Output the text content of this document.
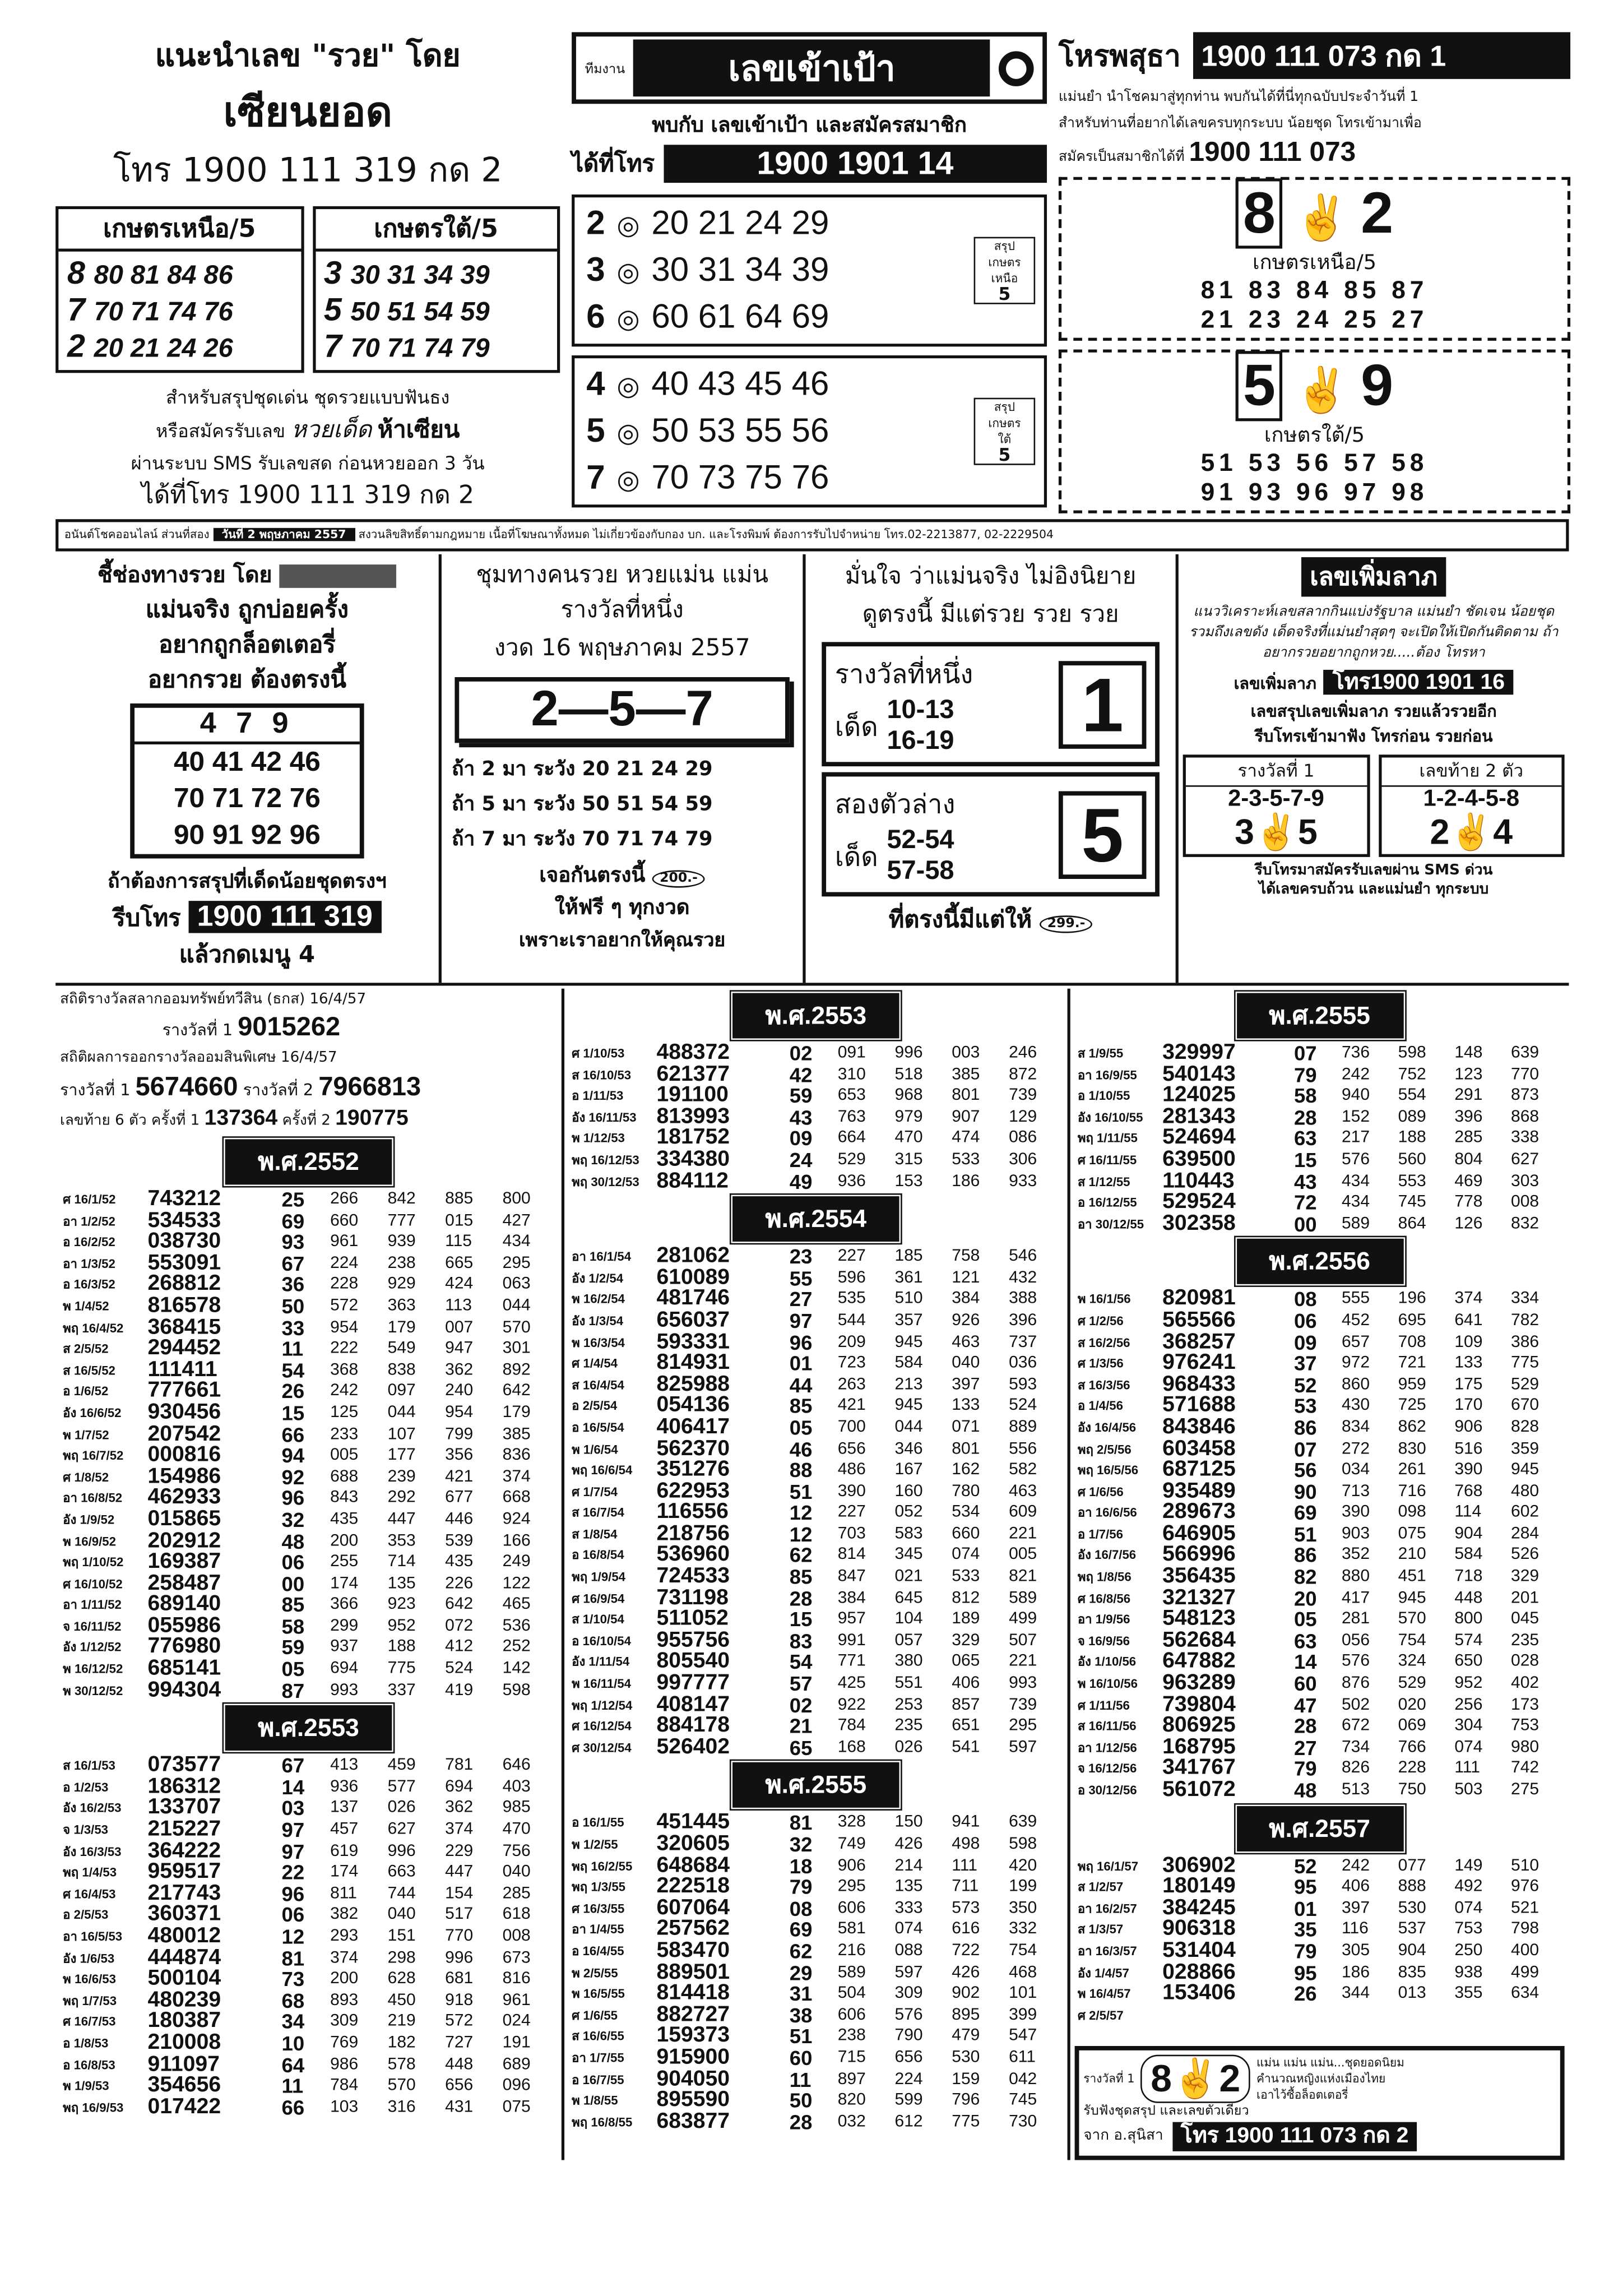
แนะนำเลข "รวย" โดย
เซียนยอด
โทร 1900 111 319 กด 2
เกษตรเหนือ/5
8 80 81 84 86
7 70 71 74 76
2 20 21 24 26
เกษตรใต้/5
3 30 31 34 39
5 50 51 54 59
7 70 71 74 79
สำหรับสรุปชุดเด่น ชุดรวยแบบฟันธง
หรือสมัครรับเลข หวยเด็ด ห้าเซียน
ผ่านระบบ SMS รับเลขสด ก่อนหวยออก 3 วัน
ได้ที่โทร 1900 111 319 กด 2
ทีมงาน	เลขเข้าเป้า
พบกับ เลขเข้าเป้า และสมัครสมาชิก
ได้ที่โทร	1900 1901 14
2 ◎ 20 21 24 29
3 ◎ 30 31 34 39
6 ◎ 60 61 64 69
สรุป
เกษตร
เหนือ
5
4 ◎ 40 43 45 46
5 ◎ 50 53 55 56
7 ◎ 70 73 75 76
สรุป
เกษตร
ใต้
5
โหรพสุธา	1900 111 073 กด 1
แม่นยำ นำโชคมาสู่ทุกท่าน พบกันได้ที่นี่ทุกฉบับประจำวันที่ 1
สำหรับท่านที่อยากได้เลขครบทุกระบบ น้อยชุด โทรเข้ามาเพื่อ
สมัครเป็นสมาชิกได้ที่ 1900 111 073
8 ✌ 2
เกษตรเหนือ/5
81 83 84 85 87
21 23 24 25 27
5 ✌ 9
เกษตรใต้/5
51 53 56 57 58
91 93 96 97 98
อนันต์โชคออนไลน์ ส่วนที่สอง	วันที่ 2 พฤษภาคม 2557	สงวนลิขสิทธิ์ตามกฎหมาย เนื้อที่โฆษณาทั้งหมด ไม่เกี่ยวข้องกับกอง บก. และโรงพิมพ์ ต้องการรับไปจำหน่าย โทร.02-2213877, 02-2229504
ชี้ช่องทางรวย โดย
แม่นจริง ถูกบ่อยครั้ง
อยากถูกล็อตเตอรี่
อยากรวย ต้องตรงนี้
4 7 9
40 41 42 46
70 71 72 76
90 91 92 96
ถ้าต้องการสรุปที่เด็ดน้อยชุดตรงฯ
รีบโทร 1900 111 319
แล้วกดเมนู 4
ชุมทางคนรวย หวยแม่น แม่น
รางวัลที่หนึ่ง
งวด 16 พฤษภาคม 2557
2—5—7
ถ้า 2 มา ระวัง 20 21 24 29
ถ้า 5 มา ระวัง 50 51 54 59
ถ้า 7 มา ระวัง 70 71 74 79
เจอกันตรงนี้	200.-
ให้ฟรี ๆ ทุกงวด
เพราะเราอยากให้คุณรวย
มั่นใจ ว่าแม่นจริง ไม่อิงนิยาย
ดูตรงนี้ มีแต่รวย รวย รวย
รางวัลที่หนึ่ง
เด็ด
10-13
16-19	1
สองตัวล่าง
เด็ด
52-54
57-58	5
ที่ตรงนี้มีแต่ให้	299.-
เลขเพิ่มลาภ
แนววิเคราะห์เลขสลากกินแบ่งรัฐบาล แม่นยำ ชัดเจน น้อยชุด รวมถึงเลขดัง เด็ดจริงที่แม่นยำสุดๆ จะเปิดให้เปิดกันติดตาม ถ้าอยากรวยอยากถูกหวย.....ต้อง โทรหา
เลขเพิ่มลาภ โทร1900 1901 16
เลขสรุปเลขเพิ่มลาภ รวยแล้วรวยอีก
รีบโทรเข้ามาฟัง โทรก่อน รวยก่อน
รางวัลที่ 1
2-3-5-7-9
3✌5
เลขท้าย 2 ตัว
1-2-4-5-8
2✌4
รีบโทรมาสมัครรับเลขผ่าน SMS ด่วน
ได้เลขครบถ้วน และแม่นยำ ทุกระบบ
สถิติรางวัลสลากออมทรัพย์ทวีสิน (ธกส) 16/4/57
รางวัลที่ 1 9015262
สถิติผลการออกรางวัลออมสินพิเศษ 16/4/57
รางวัลที่ 1 5674660 รางวัลที่ 2 7966813
เลขท้าย 6 ตัว ครั้งที่ 1 137364 ครั้งที่ 2 190775
พ.ศ.2552
ศ 16/1/52	743212	25	266	842	885	800
อา 1/2/52	534533	69	660	777	015	427
อ 16/2/52	038730	93	961	939	115	434
อา 1/3/52	553091	67	224	238	665	295
อ 16/3/52	268812	36	228	929	424	063
พ 1/4/52	816578	50	572	363	113	044
พฤ 16/4/52	368415	33	954	179	007	570
ส 2/5/52	294452	11	222	549	947	301
ส 16/5/52	111411	54	368	838	362	892
อ 1/6/52	777661	26	242	097	240	642
อัง 16/6/52	930456	15	125	044	954	179
พ 1/7/52	207542	66	233	107	799	385
พฤ 16/7/52	000816	94	005	177	356	836
ศ 1/8/52	154986	92	688	239	421	374
อา 16/8/52	462933	96	843	292	677	668
อัง 1/9/52	015865	32	435	447	446	924
พ 16/9/52	202912	48	200	353	539	166
พฤ 1/10/52	169387	06	255	714	435	249
ศ 16/10/52	258487	00	174	135	226	122
อา 1/11/52	689140	85	366	923	642	465
จ 16/11/52	055986	58	299	952	072	536
อัง 1/12/52	776980	59	937	188	412	252
พ 16/12/52	685141	05	694	775	524	142
พ 30/12/52	994304	87	993	337	419	598
พ.ศ.2553
ส 16/1/53	073577	67	413	459	781	646
อ 1/2/53	186312	14	936	577	694	403
อัง 16/2/53	133707	03	137	026	362	985
จ 1/3/53	215227	97	457	627	374	470
อัง 16/3/53	364222	97	619	996	229	756
พฤ 1/4/53	959517	22	174	663	447	040
ศ 16/4/53	217743	96	811	744	154	285
อ 2/5/53	360371	06	382	040	517	618
อา 16/5/53	480012	12	293	151	770	008
อัง 1/6/53	444874	81	374	298	996	673
พ 16/6/53	500104	73	200	628	681	816
พฤ 1/7/53	480239	68	893	450	918	961
ศ 16/7/53	180387	34	309	219	572	024
อ 1/8/53	210008	10	769	182	727	191
อ 16/8/53	911097	64	986	578	448	689
พ 1/9/53	354656	11	784	570	656	096
พฤ 16/9/53	017422	66	103	316	431	075
พ.ศ.2553
ศ 1/10/53	488372	02	091	996	003	246
ส 16/10/53	621377	42	310	518	385	872
อ 1/11/53	191100	59	653	968	801	739
อัง 16/11/53	813993	43	763	979	907	129
พ 1/12/53	181752	09	664	470	474	086
พฤ 16/12/53	334380	24	529	315	533	306
พฤ 30/12/53	884112	49	936	153	186	933
พ.ศ.2554
อา 16/1/54	281062	23	227	185	758	546
อัง 1/2/54	610089	55	596	361	121	432
พ 16/2/54	481746	27	535	510	384	388
อัง 1/3/54	656037	97	544	357	926	396
พ 16/3/54	593331	96	209	945	463	737
ศ 1/4/54	814931	01	723	584	040	036
ส 16/4/54	825988	44	263	213	397	593
อ 2/5/54	054136	85	421	945	133	524
อ 16/5/54	406417	05	700	044	071	889
พ 1/6/54	562370	46	656	346	801	556
พฤ 16/6/54	351276	88	486	167	162	582
ศ 1/7/54	622953	51	390	160	780	463
ส 16/7/54	116556	12	227	052	534	609
ส 1/8/54	218756	12	703	583	660	221
อ 16/8/54	536960	62	814	345	074	005
พฤ 1/9/54	724533	85	847	021	533	821
ศ 16/9/54	731198	28	384	645	812	589
ส 1/10/54	511052	15	957	104	189	499
อ 16/10/54	955756	83	991	057	329	507
อัง 1/11/54	805540	54	771	380	065	221
พ 16/11/54	997777	57	425	551	406	993
พฤ 1/12/54	408147	02	922	253	857	739
ศ 16/12/54	884178	21	784	235	651	295
ศ 30/12/54	526402	65	168	026	541	597
พ.ศ.2555
อ 16/1/55	451445	81	328	150	941	639
พ 1/2/55	320605	32	749	426	498	598
พฤ 16/2/55	648684	18	906	214	111	420
พฤ 1/3/55	222518	79	295	135	711	199
ศ 16/3/55	607064	08	606	333	573	350
อา 1/4/55	257562	69	581	074	616	332
อ 16/4/55	583470	62	216	088	722	754
พ 2/5/55	889501	29	589	597	426	468
พ 16/5/55	814418	31	504	309	902	101
ศ 1/6/55	882727	38	606	576	895	399
ส 16/6/55	159373	51	238	790	479	547
อา 1/7/55	915900	60	715	656	530	611
อ 16/7/55	904050	11	897	224	159	042
พ 1/8/55	895590	50	820	599	796	745
พฤ 16/8/55	683877	28	032	612	775	730
พ.ศ.2555
ส 1/9/55	329997	07	736	598	148	639
อา 16/9/55	540143	79	242	752	123	770
อ 1/10/55	124025	58	940	554	291	873
อัง 16/10/55	281343	28	152	089	396	868
พฤ 1/11/55	524694	63	217	188	285	338
ศ 16/11/55	639500	15	576	560	804	627
ส 1/12/55	110443	43	434	553	469	303
อ 16/12/55	529524	72	434	745	778	008
อา 30/12/55	302358	00	589	864	126	832
พ.ศ.2556
พ 16/1/56	820981	08	555	196	374	334
ศ 1/2/56	565566	06	452	695	641	782
ส 16/2/56	368257	09	657	708	109	386
ศ 1/3/56	976241	37	972	721	133	775
ส 16/3/56	968433	52	860	959	175	529
อ 1/4/56	571688	53	430	725	170	670
อัง 16/4/56	843846	86	834	862	906	828
พฤ 2/5/56	603458	07	272	830	516	359
พฤ 16/5/56	687125	56	034	261	390	945
ศ 1/6/56	935489	90	713	716	768	480
อา 16/6/56	289673	69	390	098	114	602
อ 1/7/56	646905	51	903	075	904	284
อัง 16/7/56	566996	86	352	210	584	526
พฤ 1/8/56	356435	82	880	451	718	329
ศ 16/8/56	321327	20	417	945	448	201
อา 1/9/56	548123	05	281	570	800	045
จ 16/9/56	562684	63	056	754	574	235
อัง 1/10/56	647882	14	576	324	650	028
พ 16/10/56	963289	60	876	529	952	402
ศ 1/11/56	739804	47	502	020	256	173
ส 16/11/56	806925	28	672	069	304	753
อา 1/12/56	168795	27	734	766	074	980
จ 16/12/56	341767	79	826	228	111	742
อ 30/12/56	561072	48	513	750	503	275
พ.ศ.2557
พฤ 16/1/57	306902	52	242	077	149	510
ส 1/2/57	180149	95	406	888	492	976
อา 16/2/57	384245	01	397	530	074	521
ส 1/3/57	906318	35	116	537	753	798
อา 16/3/57	531404	79	305	904	250	400
อัง 1/4/57	028866	95	186	835	938	499
พ 16/4/57	153406	26	344	013	355	634
ศ 2/5/57						
รางวัลที่ 1	8✌2	แม่น แม่น แม่น...ชุดยอดนิยม
คำนวณหญิงแห่งเมืองไทย
เอาไว้ซื้อล็อตเตอรี่
รับฟังชุดสรุป และเลขตัวเดียว
จาก อ.สุนิสา	โทร 1900 111 073 กด 2
